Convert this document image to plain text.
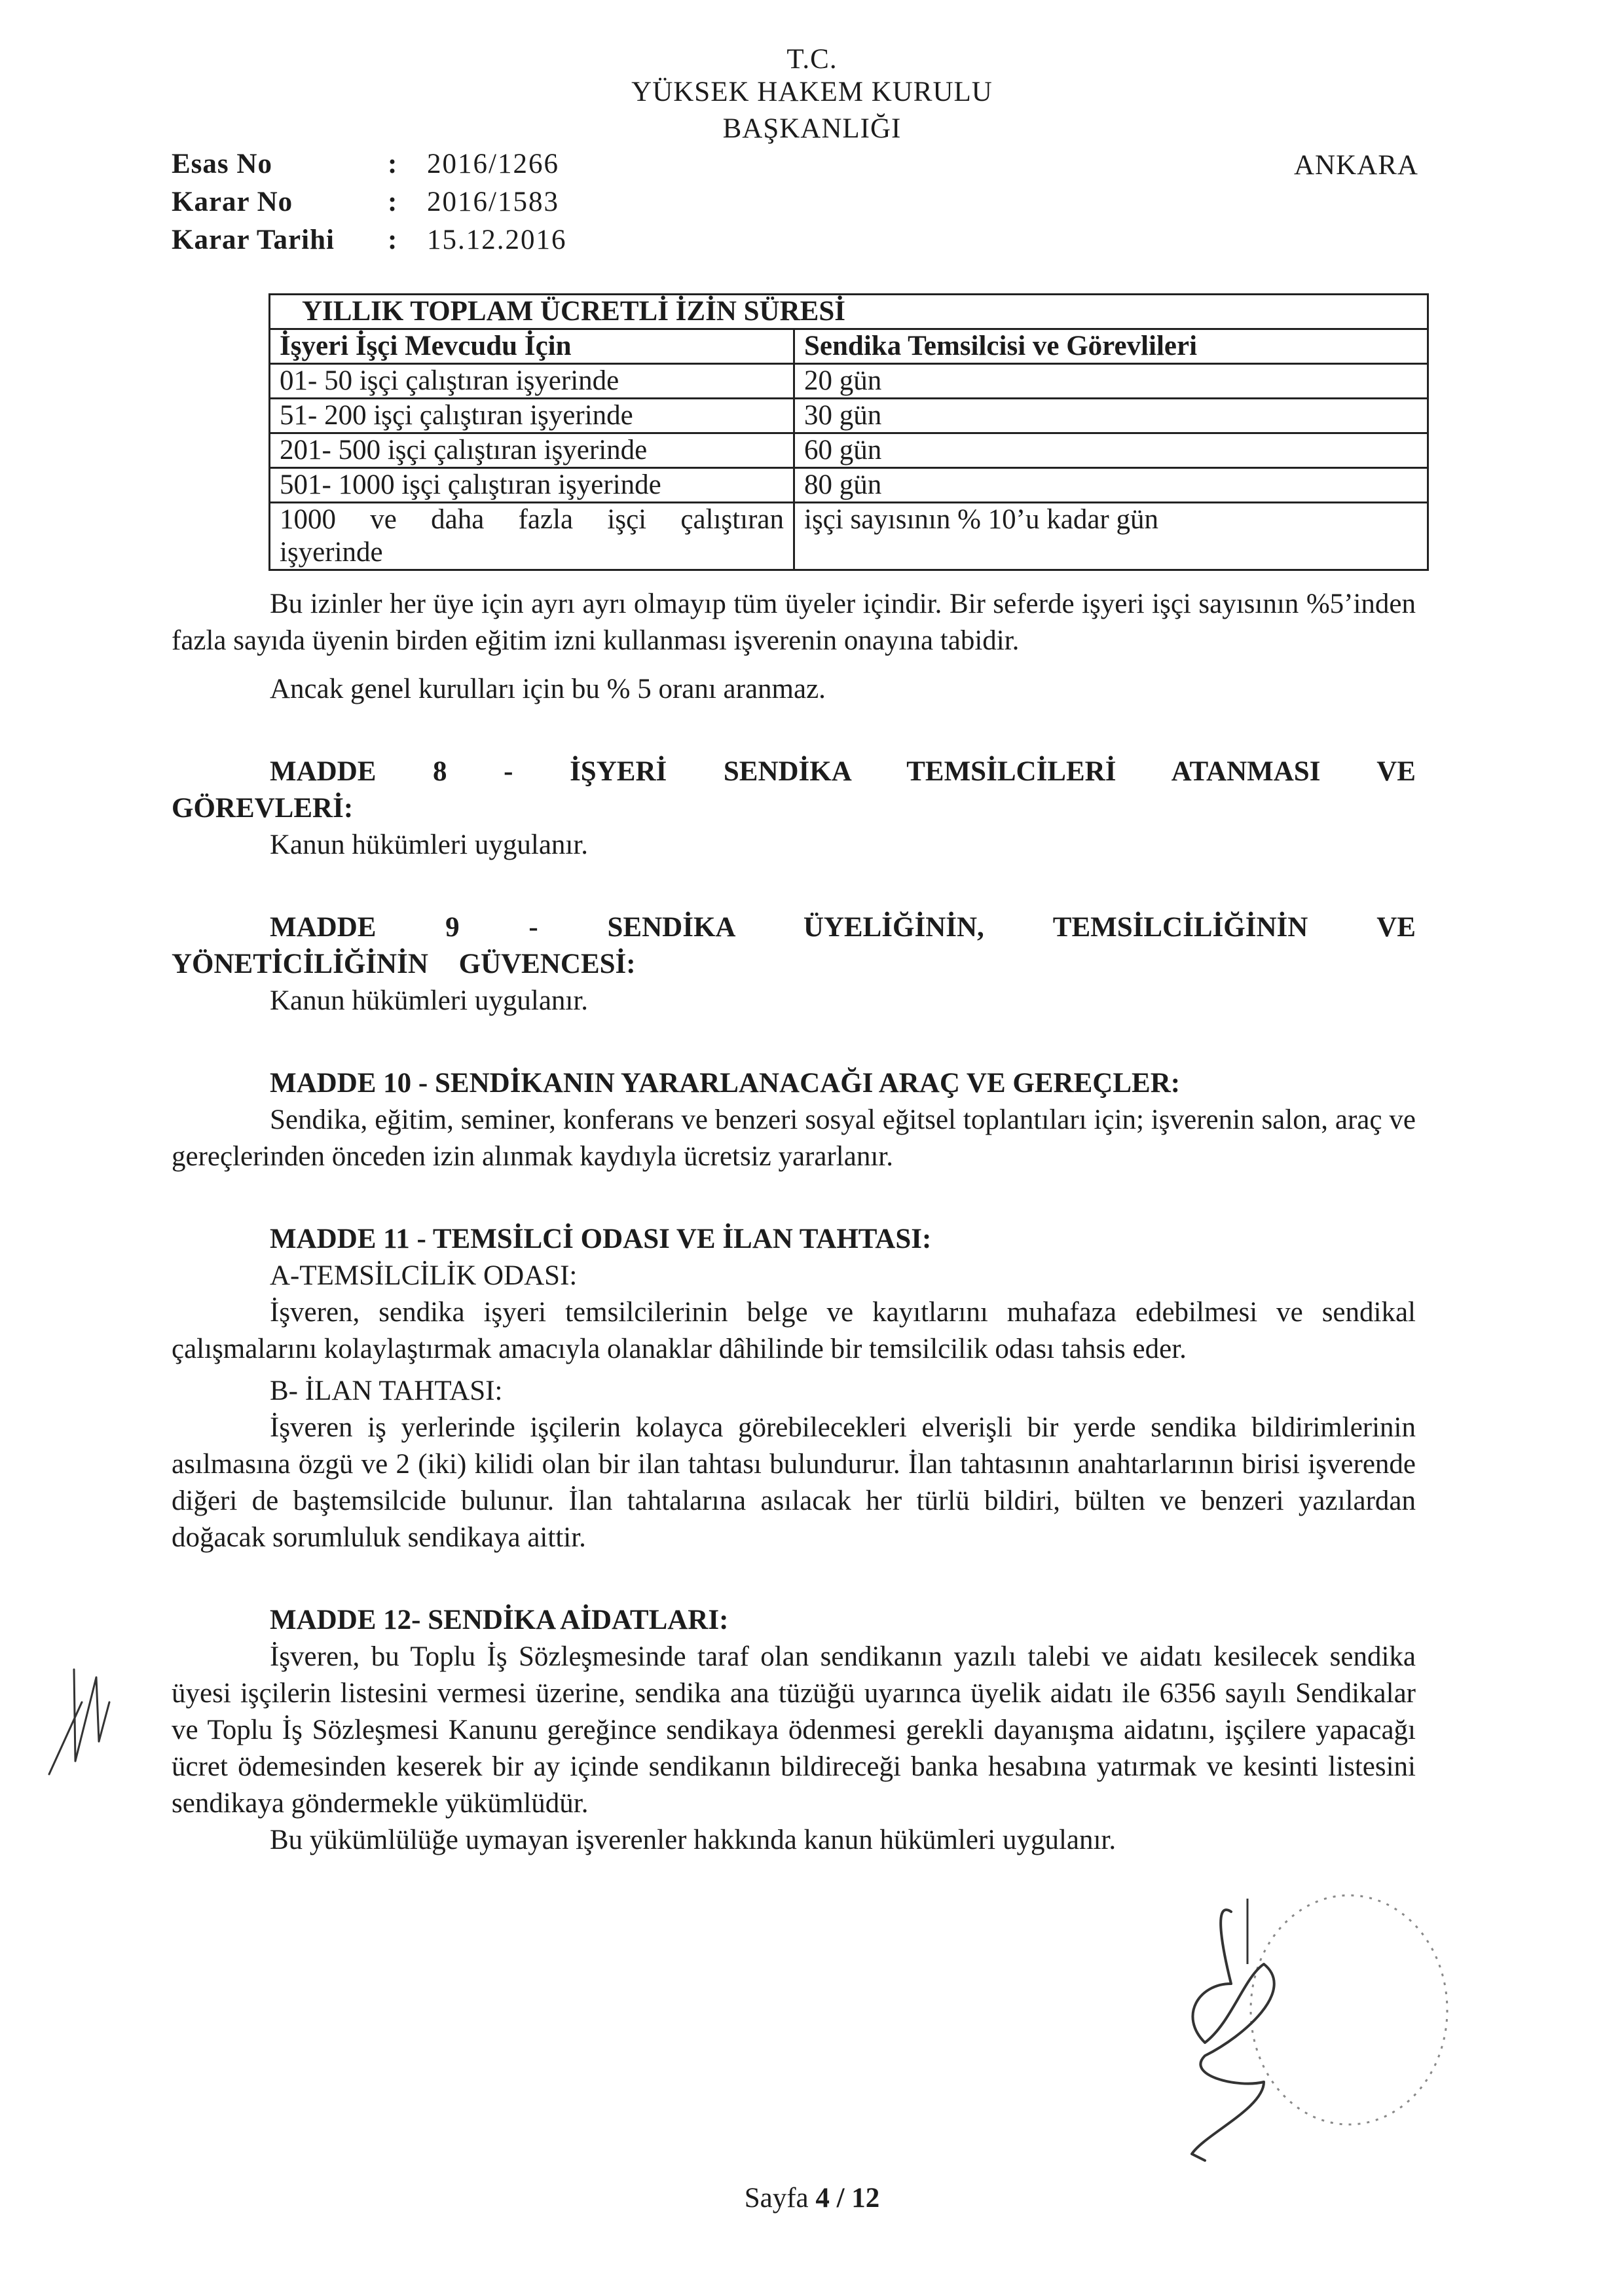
T.C.
YÜKSEK HAKEM KURULU
BAŞKANLIĞI
ANKARA
Esas No	:	2016/1266
Karar No	:	2016/1583
Karar Tarihi	:	15.12.2016
YILLIK TOPLAM ÜCRETLİ İZİN SÜRESİ	
İşyeri İşçi Mevcudu İçin	Sendika Temsilcisi ve Görevlileri
01- 50 işçi çalıştıran işyerinde	20 gün
51- 200 işçi çalıştıran işyerinde	30 gün
201- 500 işçi çalıştıran işyerinde	60 gün
501- 1000 işçi çalıştıran işyerinde	80 gün

1000 ve daha fazla işçi çalıştıran
işyerinde	işçi sayısının % 10’u kadar gün

Bu izinler her üye için ayrı ayrı olmayıp tüm üyeler içindir. Bir seferde işyeri işçi sayısının %5’inden fazla sayıda üyenin birden eğitim izni kullanması işverenin onayına tabidir.

Ancak genel kurulları için bu % 5 oranı aranmaz.

MADDE 8 - İŞYERİ SENDİKA TEMSİLCİLERİ ATANMASI VE GÖREVLERİ:

Kanun hükümleri uygulanır.

MADDE 9 - SENDİKA ÜYELİĞİNİN, TEMSİLCİLİĞİNİN VE YÖNETİCİLİĞİNİN GÜVENCESİ:

Kanun hükümleri uygulanır.

MADDE 10 - SENDİKANIN YARARLANACAĞI ARAÇ VE GEREÇLER:

Sendika, eğitim, seminer, konferans ve benzeri sosyal eğitsel toplantıları için; işverenin salon, araç ve gereçlerinden önceden izin alınmak kaydıyla ücretsiz yararlanır.

MADDE 11 - TEMSİLCİ ODASI VE İLAN TAHTASI:

A-TEMSİLCİLİK ODASI:

İşveren, sendika işyeri temsilcilerinin belge ve kayıtlarını muhafaza edebilmesi ve sendikal çalışmalarını kolaylaştırmak amacıyla olanaklar dâhilinde bir temsilcilik odası tahsis eder.

B- İLAN TAHTASI:

İşveren iş yerlerinde işçilerin kolayca görebilecekleri elverişli bir yerde sendika bildirimlerinin asılmasına özgü ve 2 (iki) kilidi olan bir ilan tahtası bulundurur. İlan tahtasının anahtarlarının birisi işverende diğeri de baştemsilcide bulunur. İlan tahtalarına asılacak her türlü bildiri, bülten ve benzeri yazılardan doğacak sorumluluk sendikaya aittir.

MADDE 12- SENDİKA AİDATLARI:

İşveren, bu Toplu İş Sözleşmesinde taraf olan sendikanın yazılı talebi ve aidatı kesilecek sendika üyesi işçilerin listesini vermesi üzerine, sendika ana tüzüğü uyarınca üyelik aidatı ile 6356 sayılı Sendikalar ve Toplu İş Sözleşmesi Kanunu gereğince sendikaya ödenmesi gerekli dayanışma aidatını, işçilere yapacağı ücret ödemesinden keserek bir ay içinde sendikanın bildireceği banka hesabına yatırmak ve kesinti listesini sendikaya göndermekle yükümlüdür.

Bu yükümlülüğe uymayan işverenler hakkında kanun hükümleri uygulanır.

Sayfa 4 / 12
